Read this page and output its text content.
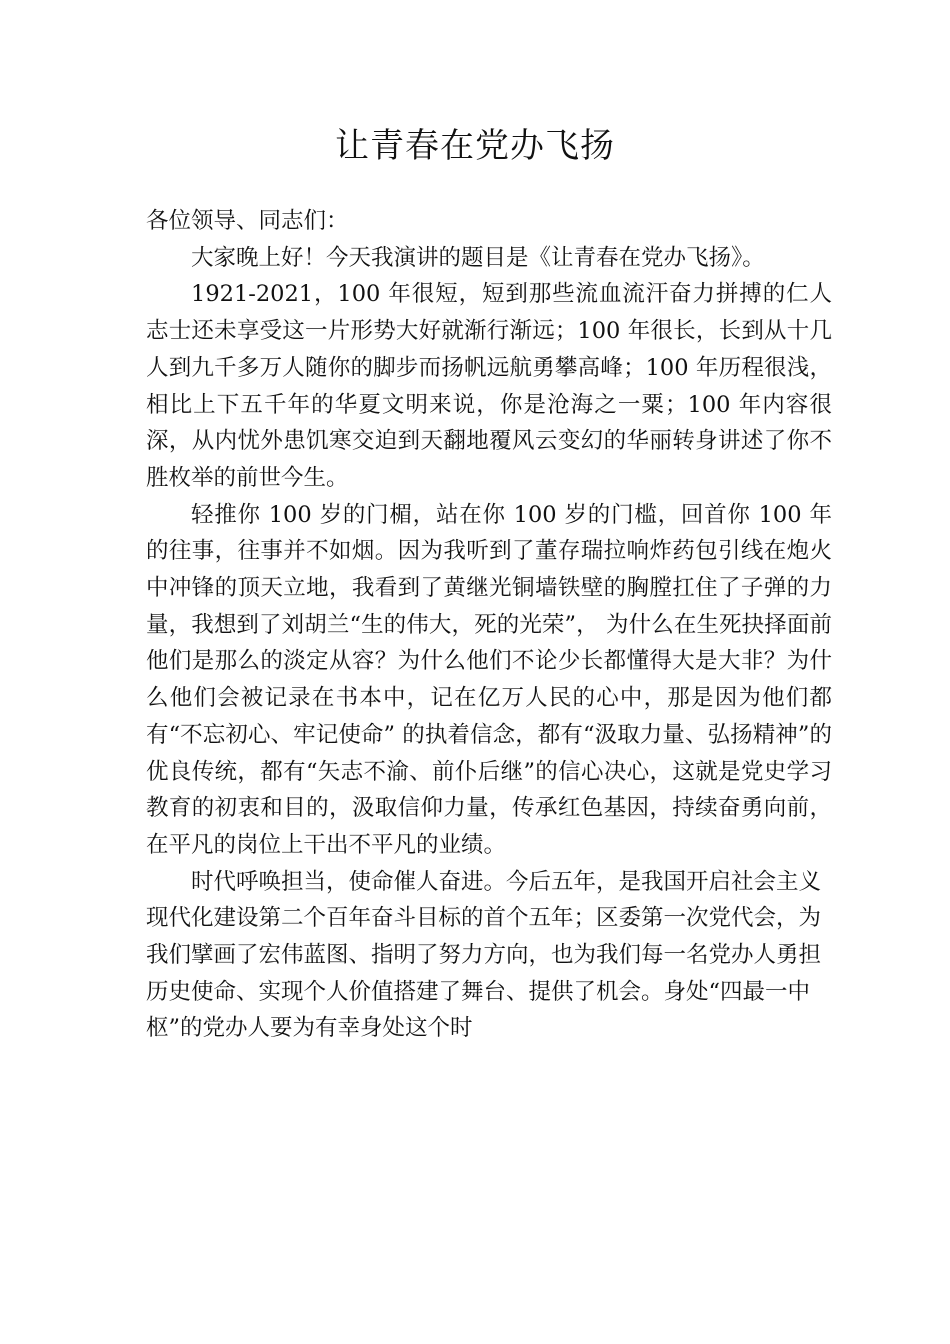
让青春在党办飞扬

各位领导、同志们：

大家晚上好！今天我演讲的题目是《让青春在党办飞扬》。

1921-2021，100 年很短，短到那些流血流汗奋力拼搏的仁人志士还未享受这一片形势大好就渐行渐远；100 年很长，长到从十几人到九千多万人随你的脚步而扬帆远航勇攀高峰；100 年历程很浅，相比上下五千年的华夏文明来说，你是沧海之一粟；100 年内容很深，从内忧外患饥寒交迫到天翻地覆风云变幻的华丽转身讲述了你不胜枚举的前世今生。

轻推你 100 岁的门楣，站在你 100 岁的门槛，回首你 100 年的往事，往事并不如烟。因为我听到了董存瑞拉响炸药包引线在炮火中冲锋的顶天立地，我看到了黄继光铜墙铁壁的胸膛扛住了子弹的力量，我想到了刘胡兰“生的伟大，死的光荣”， 为什么在生死抉择面前他们是那么的淡定从容？为什么他们不论少长都懂得大是大非？为什么他们会被记录在书本中，记在亿万人民的心中，那是因为他们都有“不忘初心、牢记使命” 的执着信念，都有“汲取力量、弘扬精神”的优良传统，都有“矢志不渝、前仆后继”的信心决心，这就是党史学习教育的初衷和目的，汲取信仰力量，传承红色基因，持续奋勇向前， 在平凡的岗位上干出不平凡的业绩。

时代呼唤担当，使命催人奋进。今后五年，是我国开启社会主义现代化建设第二个百年奋斗目标的首个五年；区委第一次党代会，为我们擘画了宏伟蓝图、指明了努力方向，也为我们每一名党办人勇担历史使命、实现个人价值搭建了舞台、提供了机会。身处“四最一中枢”的党办人要为有幸身处这个时
